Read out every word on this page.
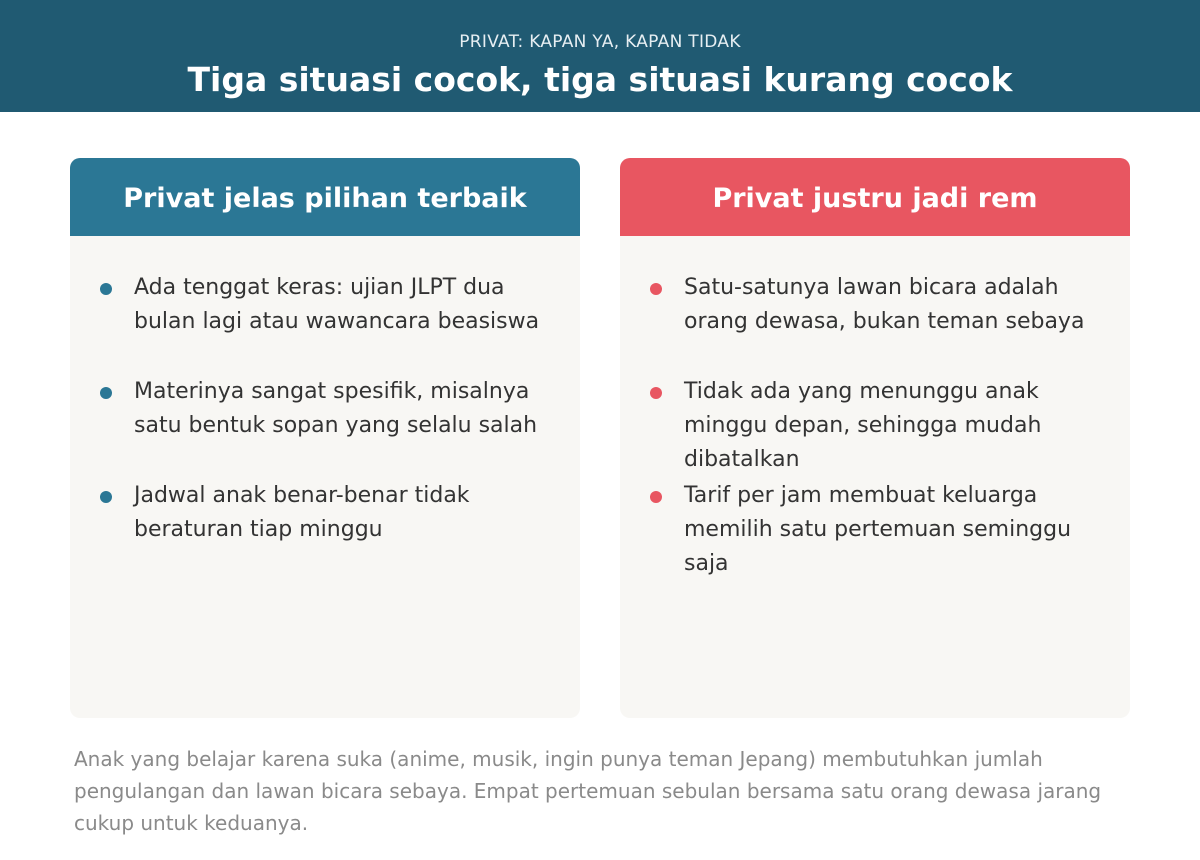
PRIVAT: KAPAN YA, KAPAN TIDAK
Tiga situasi cocok, tiga situasi kurang cocok
Privat jelas pilihan terbaik
Ada tenggat keras: ujian JLPT dua bulan lagi atau wawancara beasiswa
Materinya sangat spesifik, misalnya satu bentuk sopan yang selalu salah
Jadwal anak benar-benar tidak beraturan tiap minggu
Privat justru jadi rem
Satu-satunya lawan bicara adalah orang dewasa, bukan teman sebaya
Tidak ada yang menunggu anak minggu depan, sehingga mudah dibatalkan
Tarif per jam membuat keluarga memilih satu pertemuan seminggu saja
Anak yang belajar karena suka (anime, musik, ingin punya teman Jepang) membutuhkan jumlah pengulangan dan lawan bicara sebaya. Empat pertemuan sebulan bersama satu orang dewasa jarang cukup untuk keduanya.
